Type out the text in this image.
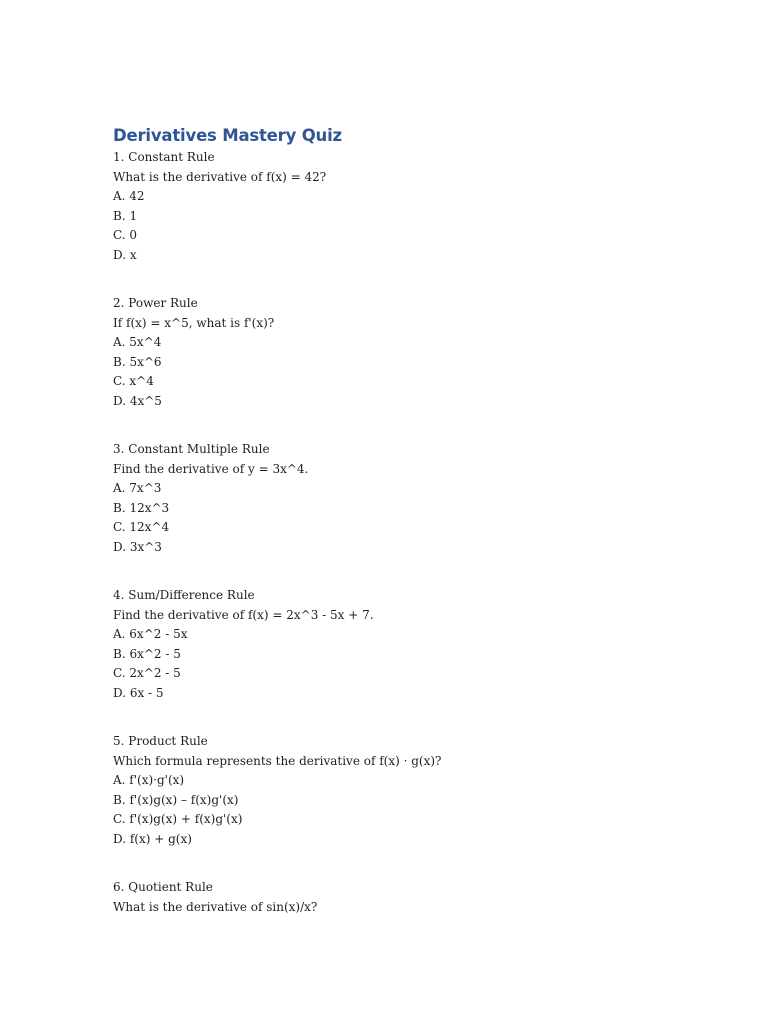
Derivatives Mastery Quiz
1. Constant Rule
What is the derivative of f(x) = 42?
A. 42
B. 1
C. 0
D. x
2. Power Rule
If f(x) = x^5, what is f'(x)?
A. 5x^4
B. 5x^6
C. x^4
D. 4x^5
3. Constant Multiple Rule
Find the derivative of y = 3x^4.
A. 7x^3
B. 12x^3
C. 12x^4
D. 3x^3
4. Sum/Difference Rule
Find the derivative of f(x) = 2x^3 - 5x + 7.
A. 6x^2 - 5x
B. 6x^2 - 5
C. 2x^2 - 5
D. 6x - 5
5. Product Rule
Which formula represents the derivative of f(x) · g(x)?
A. f'(x)·g'(x)
B. f'(x)g(x) – f(x)g'(x)
C. f'(x)g(x) + f(x)g'(x)
D. f(x) + g(x)
6. Quotient Rule
What is the derivative of sin(x)/x?
